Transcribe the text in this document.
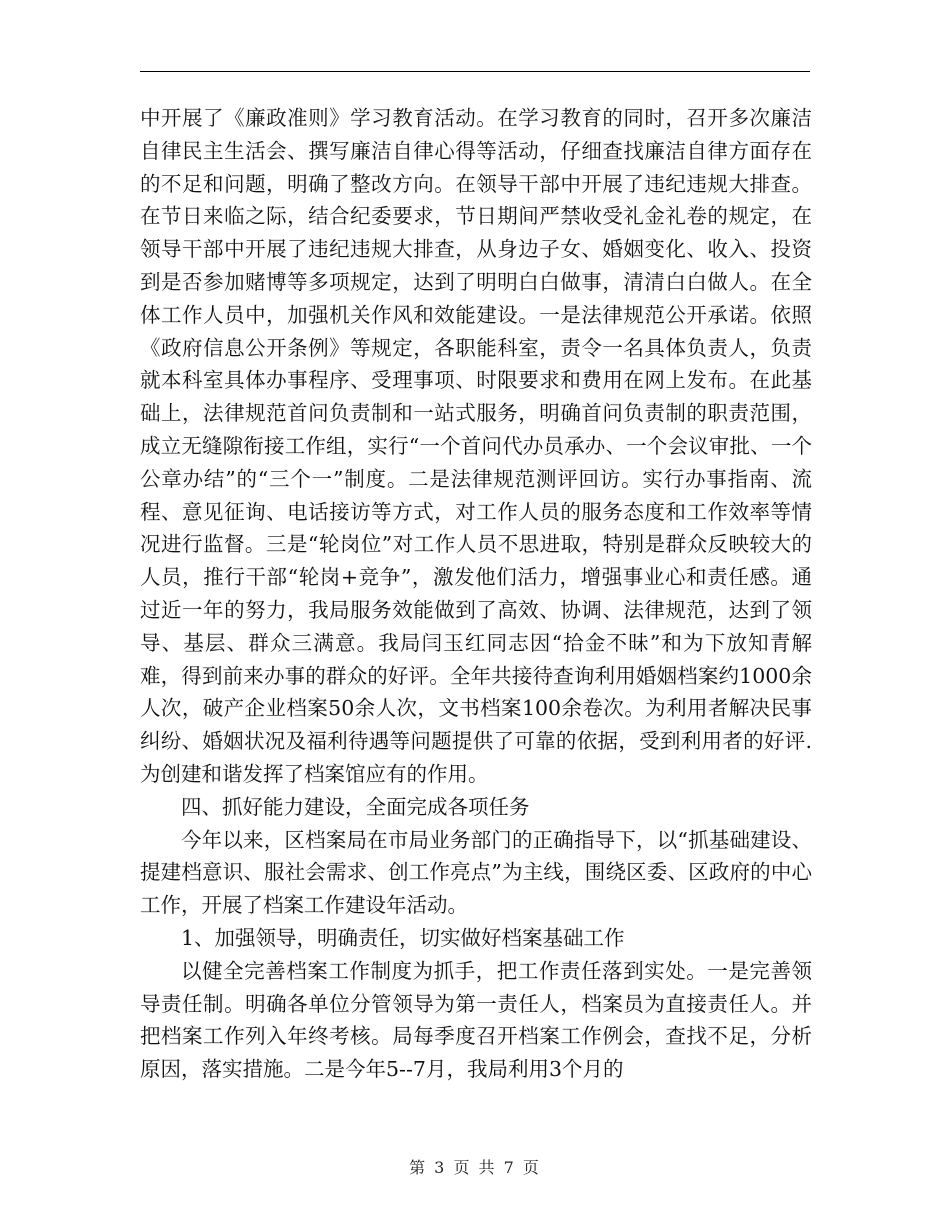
中开展了《廉政准则》学习教育活动。在学习教育的同时，召开多次廉洁自律民主生活会、撰写廉洁自律心得等活动，仔细查找廉洁自律方面存在的不足和问题，明确了整改方向。在领导干部中开展了违纪违规大排查。在节日来临之际，结合纪委要求，节日期间严禁收受礼金礼卷的规定，在领导干部中开展了违纪违规大排查，从身边子女、婚姻变化、收入、投资到是否参加赌博等多项规定，达到了明明白白做事，清清白白做人。在全体工作人员中，加强机关作风和效能建设。一是法律规范公开承诺。依照《政府信息公开条例》等规定，各职能科室，责令一名具体负责人，负责就本科室具体办事程序、受理事项、时限要求和费用在网上发布。在此基础上，法律规范首问负责制和一站式服务，明确首问负责制的职责范围，成立无缝隙衔接工作组，实行“一个首问代办员承办、一个会议审批、一个公章办结”的“三个一”制度。二是法律规范测评回访。实行办事指南、流程、意见征询、电话接访等方式，对工作人员的服务态度和工作效率等情况进行监督。三是“轮岗位”对工作人员不思进取，特别是群众反映较大的人员，推行干部“轮岗+竞争”，激发他们活力，增强事业心和责任感。通过近一年的努力，我局服务效能做到了高效、协调、法律规范，达到了领导、基层、群众三满意。我局闫玉红同志因“拾金不昧”和为下放知青解难，得到前来办事的群众的好评。全年共接待查询利用婚姻档案约1000余人次，破产企业档案50余人次，文书档案100余卷次。为利用者解决民事纠纷、婚姻状况及福利待遇等问题提供了可靠的依据，受到利用者的好评.为创建和谐发挥了档案馆应有的作用。

四、抓好能力建设，全面完成各项任务

今年以来，区档案局在市局业务部门的正确指导下，以“抓基础建设、提建档意识、服社会需求、创工作亮点”为主线，围绕区委、区政府的中心工作，开展了档案工作建设年活动。

1、加强领导，明确责任，切实做好档案基础工作

以健全完善档案工作制度为抓手，把工作责任落到实处。一是完善领导责任制。明确各单位分管领导为第一责任人，档案员为直接责任人。并把档案工作列入年终考核。局每季度召开档案工作例会，查找不足，分析原因，落实措施。二是今年5--7月，我局利用3个月的

第 3 页 共 7 页
